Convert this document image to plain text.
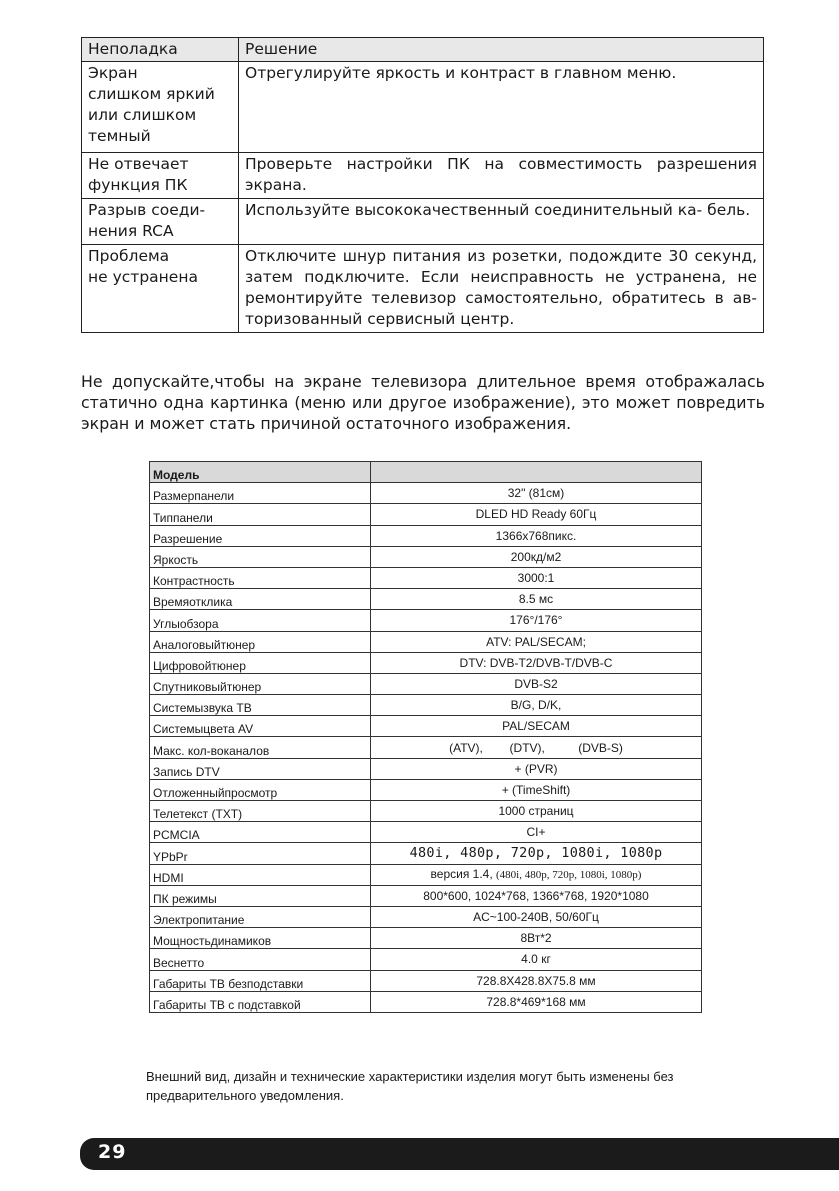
Неполадка	Решение
Экран
слишком яркий
или слишком
темный	Отрегулируйте яркость и контраст в главном меню.
Не отвечает
функция ПК	Проверьте настройки ПК на совместимость разрешения экрана.
Разрыв соеди-
нения RCA	Используйте высококачественный соединительный ка- бель.
Проблема
не устранена	Отключите шнур питания из розетки, подождите 30 секунд, затем подключите. Если неисправность не устранена, не ремонтируйте телевизор самостоятельно, обратитесь в ав- торизованный сервисный центр.
Не допускайте,чтобы на экране телевизора длительное время отображалась статично одна картинка (меню или другое изображение), это может повредить экран и может стать причиной остаточного изображения.
Модель	
Размерпанели	32" (81см)
Типпанели	DLED HD Ready 60Гц
Разрешение	1366x768пикс.
Яркость	200кд/м2
Контрастность	3000:1
Времяотклика	8.5 мс
Углыобзора	176°/176°
Аналоговыйтюнер	ATV: PAL/SECAM;
Цифровойтюнер	DTV: DVB-T2/DVB-T/DVB-C
Спутниковыйтюнер	DVB-S2
Системызвука ТВ	B/G, D/K,
Системыцвета AV	PAL/SECAM
Макс. кол-воканалов	(ATV),        (DTV),          (DVB-S)
Запись DTV	+ (PVR)
Отложенныйпросмотр	+ (TimeShift)
Телетекст (TXT)	1000 страниц
PCMCIA	CI+
YPbPr	480i, 480p, 720p, 1080i, 1080p
HDMI	версия 1.4, (480i, 480p, 720p, 1080i, 1080p)
ПК режимы	800*600, 1024*768, 1366*768, 1920*1080
Электропитание	AC~100-240В, 50/60Гц
Мощностьдинамиков	8Вт*2
Веснетто	4.0 кг
Габариты ТВ безподставки	728.8X428.8X75.8 мм
Габариты ТВ с подставкой	728.8*469*168 мм
Внешний вид, дизайн и технические характеристики изделия могут быть изменены без предварительного уведомления.
29
